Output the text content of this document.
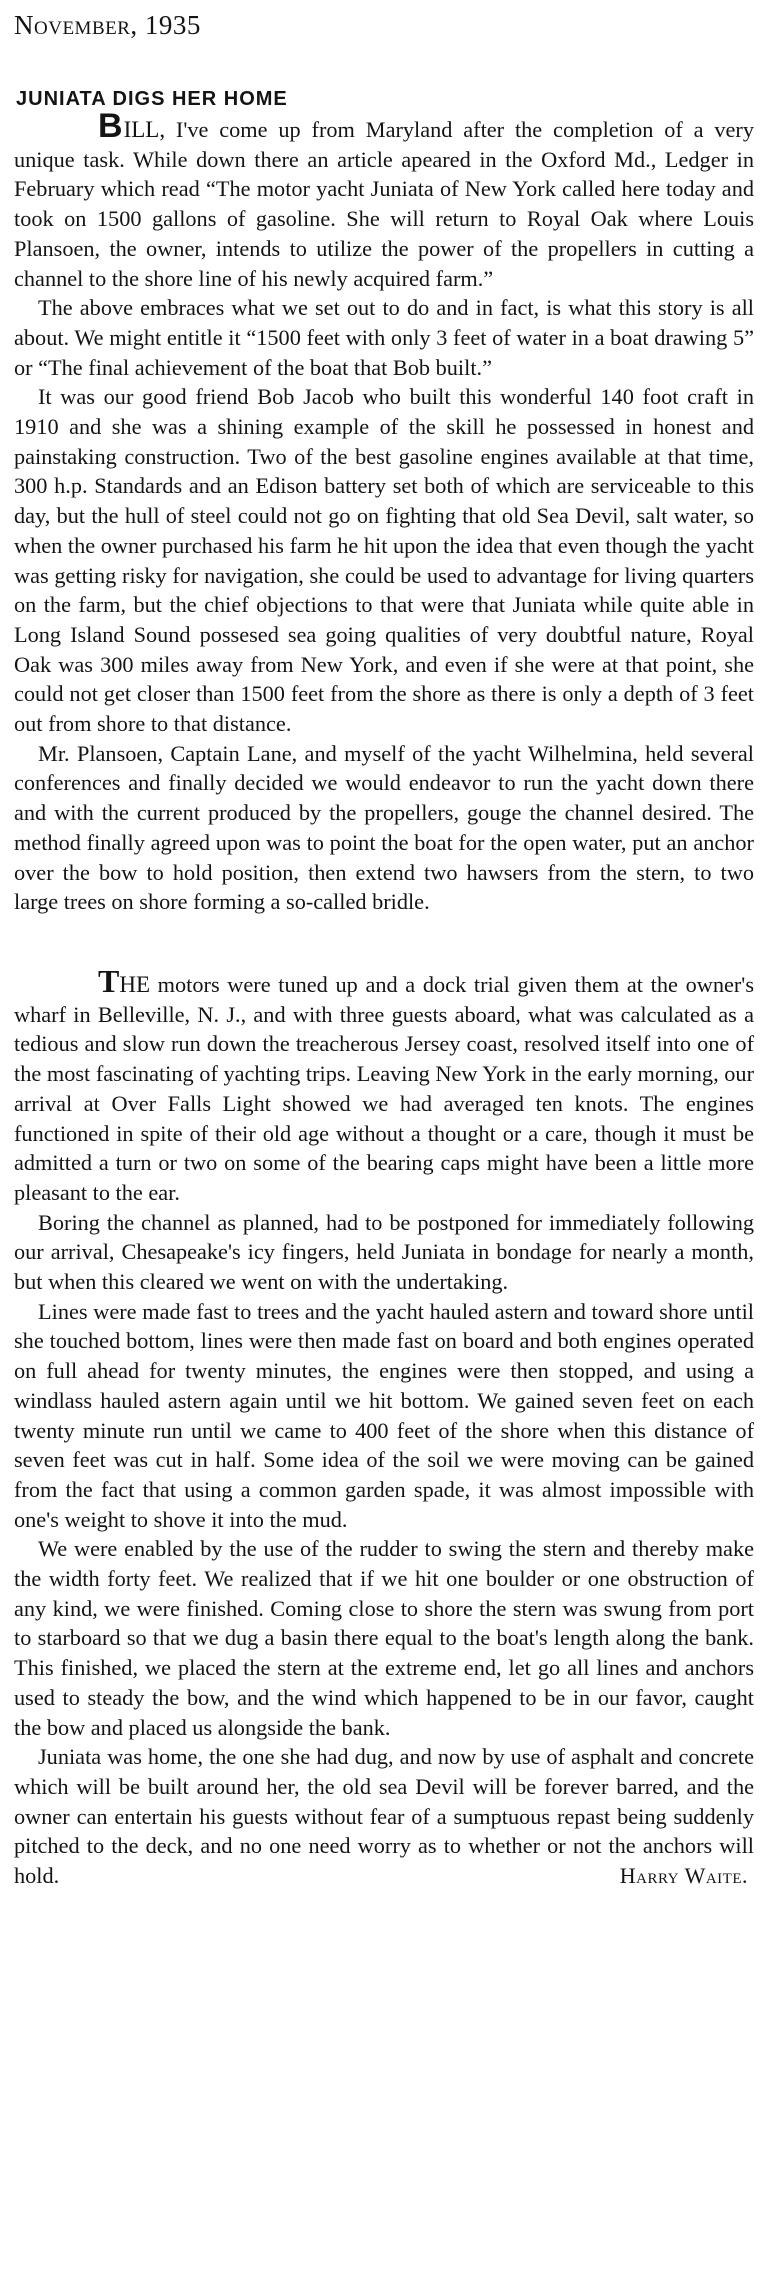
November, 1935

JUNIATA DIGS HER HOME

BILL, I've come up from Maryland after the completion of a very unique task. While down there an article apeared in the Oxford Md., Ledger in February which read “The motor yacht Juniata of New York called here today and took on 1500 gallons of gasoline. She will return to Royal Oak where Louis Plansoen, the owner, intends to utilize the power of the propellers in cutting a channel to the shore line of his newly acquired farm.”

The above embraces what we set out to do and in fact, is what this story is all about. We might entitle it “1500 feet with only 3 feet of water in a boat drawing 5” or “The final achievement of the boat that Bob built.”

It was our good friend Bob Jacob who built this wonderful 140 foot craft in 1910 and she was a shining example of the skill he possessed in honest and painstaking construction. Two of the best gasoline engines available at that time, 300 h.p. Standards and an Edison battery set both of which are serviceable to this day, but the hull of steel could not go on fighting that old Sea Devil, salt water, so when the owner purchased his farm he hit upon the idea that even though the yacht was getting risky for navigation, she could be used to advantage for living quarters on the farm, but the chief objections to that were that Juniata while quite able in Long Island Sound possesed sea going qualities of very doubtful nature, Royal Oak was 300 miles away from New York, and even if she were at that point, she could not get closer than 1500 feet from the shore as there is only a depth of 3 feet out from shore to that distance.

Mr. Plansoen, Captain Lane, and myself of the yacht Wilhelmina, held several conferences and finally decided we would endeavor to run the yacht down there and with the current produced by the propellers, gouge the channel desired. The method finally agreed upon was to point the boat for the open water, put an anchor over the bow to hold position, then extend two hawsers from the stern, to two large trees on shore forming a so-called bridle.

THE motors were tuned up and a dock trial given them at the owner's wharf in Belleville, N. J., and with three guests aboard, what was calculated as a tedious and slow run down the treacherous Jersey coast, resolved itself into one of the most fascinating of yachting trips. Leaving New York in the early morning, our arrival at Over Falls Light showed we had averaged ten knots. The engines functioned in spite of their old age without a thought or a care, though it must be admitted a turn or two on some of the bearing caps might have been a little more pleasant to the ear.

Boring the channel as planned, had to be postponed for immediately following our arrival, Chesapeake's icy fingers, held Juniata in bondage for nearly a month, but when this cleared we went on with the undertaking.

Lines were made fast to trees and the yacht hauled astern and toward shore until she touched bottom, lines were then made fast on board and both engines operated on full ahead for twenty minutes, the engines were then stopped, and using a windlass hauled astern again until we hit bottom. We gained seven feet on each twenty minute run until we came to 400 feet of the shore when this distance of seven feet was cut in half. Some idea of the soil we were moving can be gained from the fact that using a common garden spade, it was almost impossible with one's weight to shove it into the mud.

We were enabled by the use of the rudder to swing the stern and thereby make the width forty feet. We realized that if we hit one boulder or one obstruction of any kind, we were finished. Coming close to shore the stern was swung from port to starboard so that we dug a basin there equal to the boat's length along the bank. This finished, we placed the stern at the extreme end, let go all lines and anchors used to steady the bow, and the wind which happened to be in our favor, caught the bow and placed us alongside the bank.

Juniata was home, the one she had dug, and now by use of asphalt and concrete which will be built around her, the old sea Devil will be forever barred, and the owner can entertain his guests without fear of a sumptuous repast being suddenly pitched to the deck, and no one need worry as to whether or not the anchors will hold.	Harry Waite.
